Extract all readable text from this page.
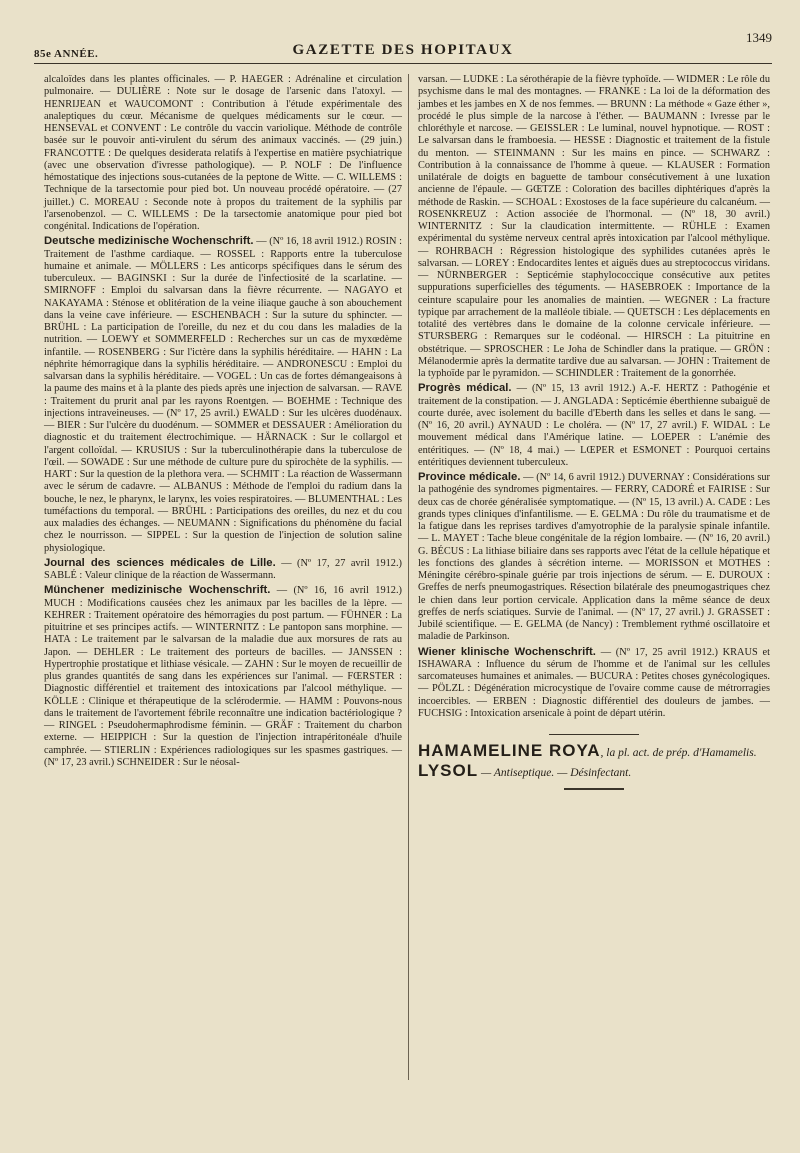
85e ANNÉE.	GAZETTE DES HOPITAUX
1349

alcaloïdes dans les plantes officinales. — P. HAEGER : Adrénaline et circulation pulmonaire. — DULIÈRE : Note sur le dosage de l'arsenic dans l'atoxyl. — HENRIJEAN et WAUCOMONT : Contribution à l'étude expérimentale des analeptiques du cœur. Mécanisme de quelques médicaments sur le cœur. — HENSEVAL et CONVENT : Le contrôle du vaccin variolique. Méthode de contrôle basée sur le pouvoir anti-virulent du sérum des animaux vaccinés. — (29 juin.) FRANCOTTE : De quelques desiderata relatifs à l'expertise en matière psychiatrique (avec une observation d'ivresse pathologique). — P. NOLF : De l'influence hémostatique des injections sous-cutanées de la peptone de Witte. — C. WILLEMS : Technique de la tarsectomie pour pied bot. Un nouveau procédé opératoire. — (27 juillet.) C. MOREAU : Seconde note à propos du traitement de la syphilis par l'arsenobenzol. — C. WILLEMS : De la tarsectomie anatomique pour pied bot congénital. Indications de l'opération.

Deutsche medizinische Wochenschrift. — (Nº 16, 18 avril 1912.) ROSIN : Traitement de l'asthme cardiaque. — ROSSEL : Rapports entre la tuberculose humaine et animale. — MÖLLERS : Les anticorps spécifiques dans le sérum des tuberculeux. — BAGINSKI : Sur la durée de l'infectiosité de la scarlatine. — SMIRNOFF : Emploi du salvarsan dans la fièvre récurrente. — NAGAYO et NAKAYAMA : Sténose et oblitération de la veine iliaque gauche à son abouchement dans la veine cave inférieure. — ESCHENBACH : Sur la suture du sphincter. — BRÜHL : La participation de l'oreille, du nez et du cou dans les maladies de la nutrition. — LOEWY et SOMMERFELD : Recherches sur un cas de myxœdème infantile. — ROSENBERG : Sur l'ictère dans la syphilis héréditaire. — HAHN : La néphrite hémorragique dans la syphilis héréditaire. — ANDRONESCU : Emploi du salvarsan dans la syphilis héréditaire. — VOGEL : Un cas de fortes démangeaisons à la paume des mains et à la plante des pieds après une injection de salvarsan. — RAVE : Traitement du prurit anal par les rayons Roentgen. — BOEHME : Technique des injections intraveineuses. — (Nº 17, 25 avril.) EWALD : Sur les ulcères duodénaux. — BIER : Sur l'ulcère du duodénum. — SOMMER et DESSAUER : Amélioration du diagnostic et du traitement électrochimique. — HÄRNACK : Sur le collargol et l'argent colloïdal. — KRUSIUS : Sur la tuberculinothérapie dans la tuberculose de l'œil. — SOWADE : Sur une méthode de culture pure du spirochète de la syphilis. — HART : Sur la question de la plethora vera. — SCHMIT : La réaction de Wassermann avec le sérum de cadavre. — ALBANUS : Méthode de l'emploi du radium dans la bouche, le nez, le pharynx, le larynx, les voies respiratoires. — BLUMENTHAL : Les tuméfactions du temporal. — BRÜHL : Participations des oreilles, du nez et du cou aux maladies des échanges. — NEUMANN : Significations du phénomène du facial chez le nourrisson. — SIPPEL : Sur la question de l'injection de solution saline physiologique.

Journal des sciences médicales de Lille. — (Nº 17, 27 avril 1912.) SABLÉ : Valeur clinique de la réaction de Wassermann.

Münchener medizinische Wochenschrift. — (Nº 16, 16 avril 1912.) MUCH : Modifications causées chez les animaux par les bacilles de la lèpre. — KEHRER : Traitement opératoire des hémorragies du post partum. — FÜHNER : La pituitrine et ses principes actifs. — WINTERNITZ : Le pantopon sans morphine. — HATA : Le traitement par le salvarsan de la maladie due aux morsures de rats au Japon. — DEHLER : Le traitement des porteurs de bacilles. — JANSSEN : Hypertrophie prostatique et lithiase vésicale. — ZAHN : Sur le moyen de recueillir de plus grandes quantités de sang dans les expériences sur l'animal. — FŒRSTER : Diagnostic différentiel et traitement des intoxications par l'alcool méthylique. — KÖLLE : Clinique et thérapeutique de la sclérodermie. — HAMM : Pouvons-nous dans le traitement de l'avortement fébrile reconnaître une indication bactériologique ? — RINGEL : Pseudohermaphrodisme féminin. — GRÄF : Traitement du charbon externe. — HEIPPICH : Sur la question de l'injection intrapéritonéale d'huile camphrée. — STIERLIN : Expériences radiologiques sur les spasmes gastriques. — (Nº 17, 23 avril.) SCHNEIDER : Sur le néosal-

varsan. — LUDKE : La sérothérapie de la fièvre typhoïde. — WIDMER : Le rôle du psychisme dans le mal des montagnes. — FRANKE : La loi de la déformation des jambes et les jambes en X de nos femmes. — BRUNN : La méthode « Gaze éther », procédé le plus simple de la narcose à l'éther. — BAUMANN : Ivresse par le chloréthyle et narcose. — GEISSLER : Le luminal, nouvel hypnotique. — ROST : Le salvarsan dans le framboesia. — HESSE : Diagnostic et traitement de la fistule du menton. — STEINMANN : Sur les mains en pince. — SCHWARZ : Contribution à la connaissance de l'homme à queue. — KLAUSER : Formation unilatérale de doigts en baguette de tambour consécutivement à une luxation ancienne de l'épaule. — GŒTZE : Coloration des bacilles diphtériques d'après la méthode de Raskin. — SCHOAL : Exostoses de la face supérieure du calcanéum. — ROSENKREUZ : Action associée de l'hormonal. — (Nº 18, 30 avril.) WINTERNITZ : Sur la claudication intermittente. — RÜHLE : Examen expérimental du système nerveux central après intoxication par l'alcool méthylique. — ROHRBACH : Régression histologique des syphilides cutanées après le salvarsan. — LOREY : Endocardites lentes et aiguës dues au streptococcus viridans. — NÜRNBERGER : Septicémie staphylococcique consécutive aux petites suppurations superficielles des téguments. — HASEBROEK : Importance de la ceinture scapulaire pour les anomalies de maintien. — WEGNER : La fracture typique par arrachement de la malléole tibiale. — QUETSCH : Les déplacements en totalité des vertèbres dans le domaine de la colonne cervicale inférieure. — STURSBERG : Remarques sur le codéonal. — HIRSCH : La pituitrine en obstétrique. — SPROSCHER : Le Joha de Schindler dans la pratique. — GRÖN : Mélanodermie après la dermatite tardive due au salvarsan. — JOHN : Traitement de la typhoïde par le pyramidon. — SCHINDLER : Traitement de la gonorrhée.

Progrès médical. — (Nº 15, 13 avril 1912.) A.-F. HERTZ : Pathogénie et traitement de la constipation. — J. ANGLADA : Septicémie éberthienne subaiguë de courte durée, avec isolement du bacille d'Eberth dans les selles et dans le sang. — (Nº 16, 20 avril.) AYNAUD : Le choléra. — (Nº 17, 27 avril.) F. WIDAL : Le mouvement médical dans l'Amérique latine. — LOEPER : L'anémie des entéritiques. — (Nº 18, 4 mai.) — LŒPER et ESMONET : Pourquoi certains entéritiques deviennent tuberculeux.

Province médicale. — (Nº 14, 6 avril 1912.) DUVERNAY : Considérations sur la pathogénie des syndromes pigmentaires. — FERRY, CADORÉ et FAIRISE : Sur deux cas de chorée généralisée symptomatique. — (Nº 15, 13 avril.) A. CADE : Les grands types cliniques d'infantilisme. — E. GELMA : Du rôle du traumatisme et de la fatigue dans les reprises tardives d'amyotrophie de la paralysie spinale infantile. — L. MAYET : Tache bleue congénitale de la région lombaire. — (Nº 16, 20 avril.) G. BÉCUS : La lithiase biliaire dans ses rapports avec l'état de la cellule hépatique et les fonctions des glandes à sécrétion interne. — MORISSON et MOTHES : Méningite cérébro-spinale guérie par trois injections de sérum. — E. DUROUX : Greffes de nerfs pneumogastriques. Résection bilatérale des pneumogastriques chez le chien dans leur portion cervicale. Application dans la même séance de deux greffes de nerfs sciatiques. Survie de l'animal. — (Nº 17, 27 avril.) J. GRASSET : Jubilé scientifique. — E. GELMA (de Nancy) : Tremblement rythmé oscillatoire et maladie de Parkinson.

Wiener klinische Wochenschrift. — (Nº 17, 25 avril 1912.) KRAUS et ISHAWARA : Influence du sérum de l'homme et de l'animal sur les cellules sarcomateuses humaines et animales. — BUCURA : Petites choses gynécologiques. — PÖLZL : Dégénération microcystique de l'ovaire comme cause de métrorragies incoercibles. — ERBEN : Diagnostic différentiel des douleurs de jambes. — FUCHSIG : Intoxication arsenicale à point de départ utérin.

HAMAMELINE ROYA, la pl. act. de prép. d'Hamamelis.
LYSOL — Antiseptique. — Désinfectant.
